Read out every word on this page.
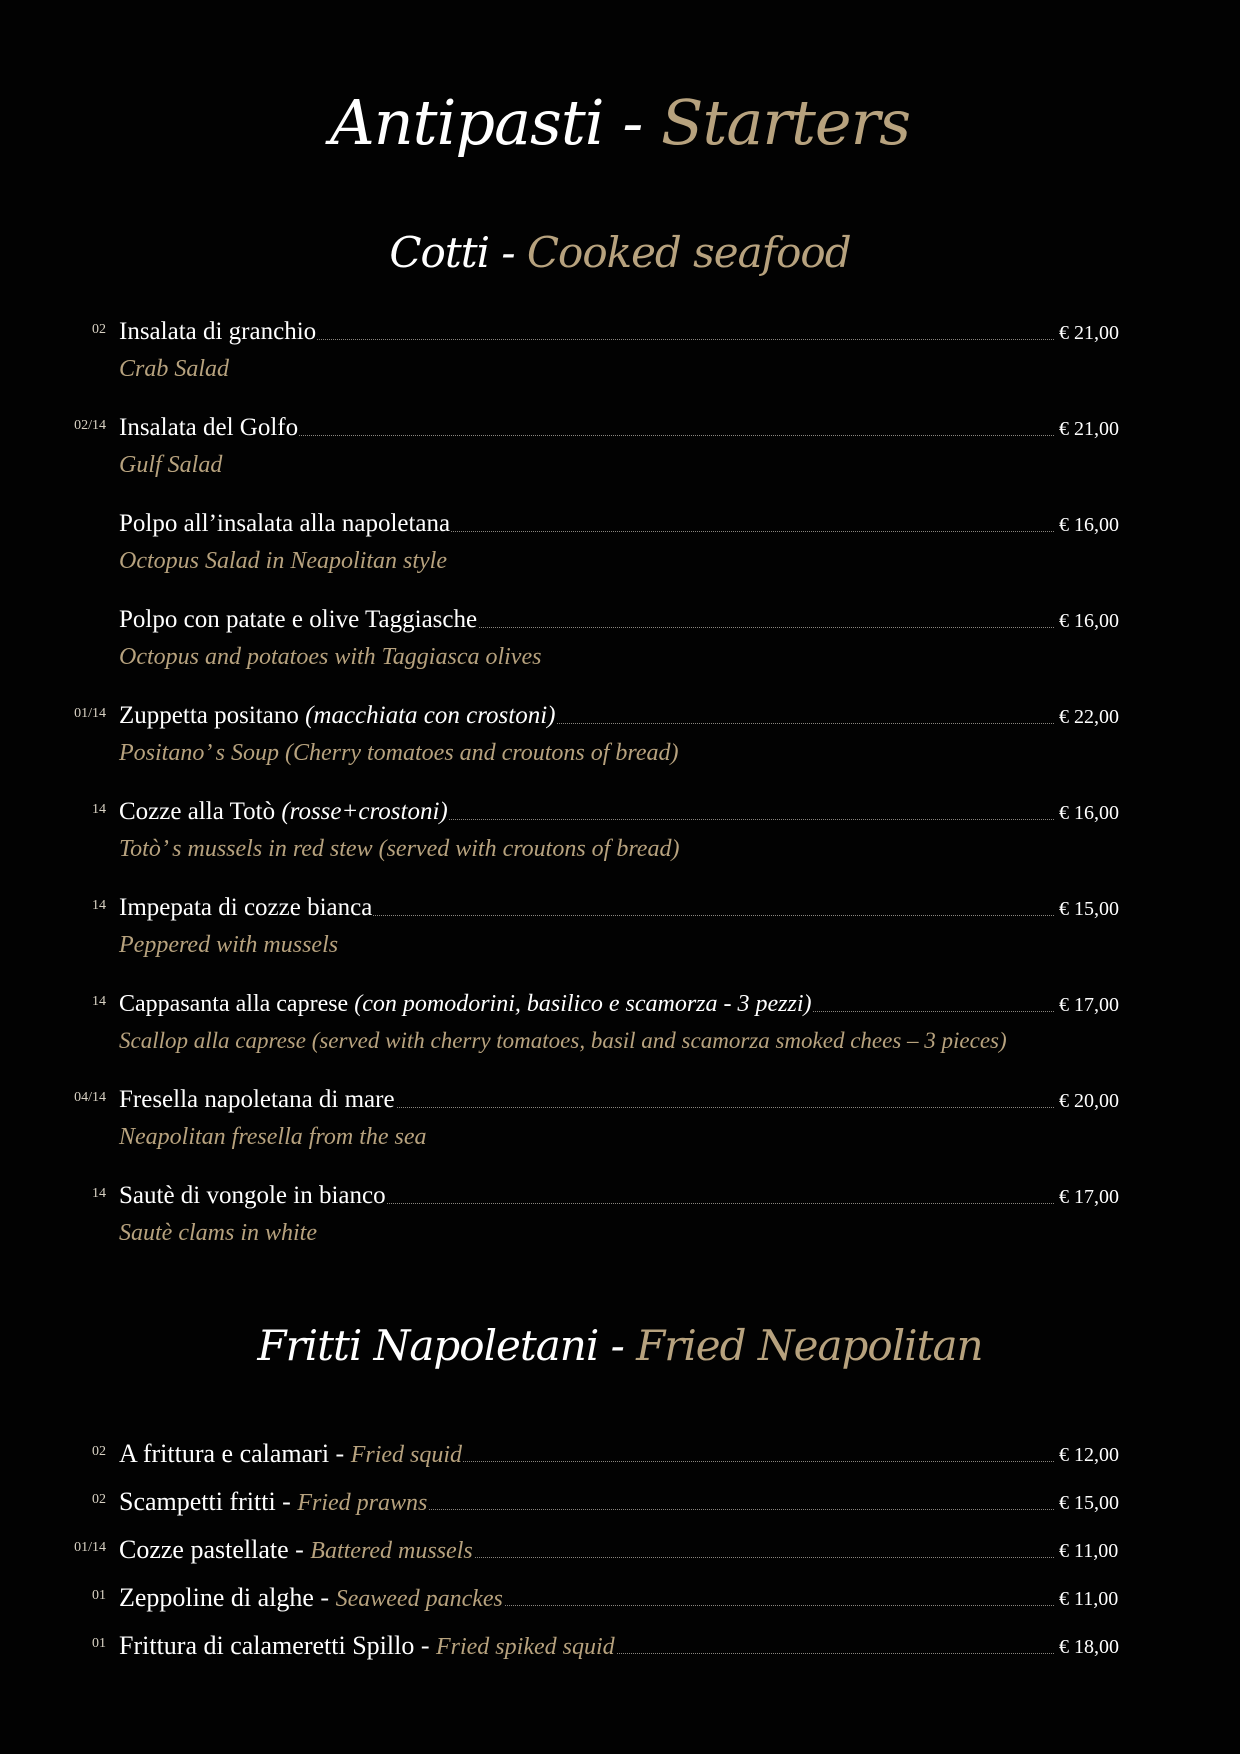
Antipasti - Starters
Cotti - Cooked seafood
02 Insalata di granchio	€ 21,00
Crab Salad
02/14 Insalata del Golfo	€ 21,00
Gulf Salad
Polpo all’insalata alla napoletana	€ 16,00
Octopus Salad in Neapolitan style
Polpo con patate e olive Taggiasche	€ 16,00
Octopus and potatoes with Taggiasca olives
01/14 Zuppetta positano (macchiata con crostoni)	€ 22,00
Positano’ s Soup (Cherry tomatoes and croutons of bread)
14 Cozze alla Totò (rosse+crostoni)	€ 16,00
Totò’ s mussels in red stew (served with croutons of bread)
14 Impepata di cozze bianca	€ 15,00
Peppered with mussels
14 Cappasanta alla caprese (con pomodorini, basilico e scamorza - 3 pezzi)	€ 17,00
Scallop alla caprese (served with cherry tomatoes, basil and scamorza smoked chees – 3 pieces)
04/14 Fresella napoletana di mare	€ 20,00
Neapolitan fresella from the sea
14 Sautè di vongole in bianco	€ 17,00
Sautè clams in white
Fritti Napoletani - Fried Neapolitan
02 A frittura e calamari - Fried squid	€ 12,00
02 Scampetti fritti - Fried prawns	€ 15,00
01/14 Cozze pastellate - Battered mussels	€ 11,00
01 Zeppoline di alghe - Seaweed panckes	€ 11,00
01 Frittura di calameretti Spillo - Fried spiked squid	€ 18,00
